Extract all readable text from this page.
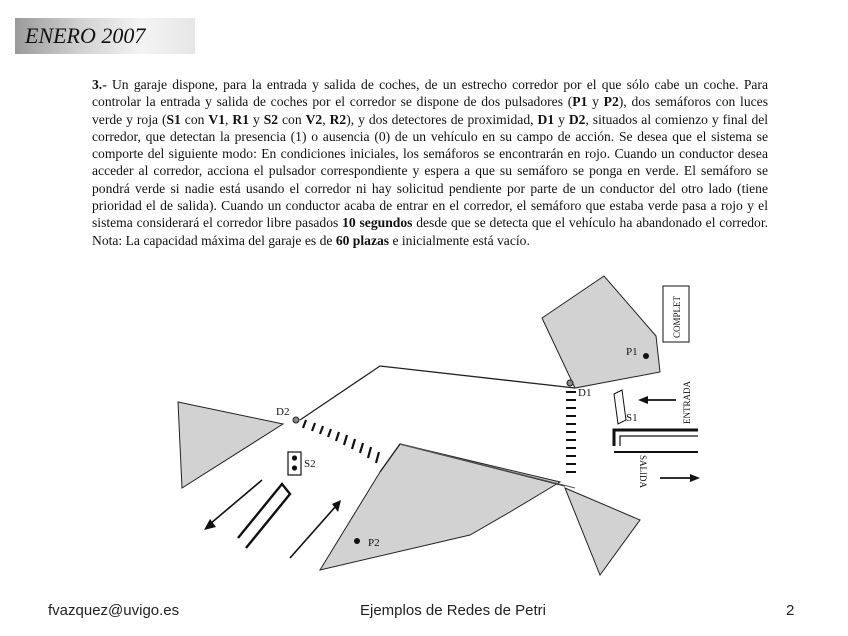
ENERO 2007
3.- Un garaje dispone, para la entrada y salida de coches, de un estrecho corredor por el que sólo cabe un coche. Para controlar la entrada y salida de coches por el corredor se dispone de dos pulsadores (P1 y P2), dos semáforos con luces verde y roja (S1 con V1, R1 y S2 con V2, R2), y dos detectores de proximidad, D1 y D2, situados al comienzo y final del corredor, que detectan la presencia (1) o ausencia (0) de un vehículo en su campo de acción. Se desea que el sistema se comporte del siguiente modo: En condiciones iniciales, los semáforos se encontrarán en rojo. Cuando un conductor desea acceder al corredor, acciona el pulsador correspondiente y espera a que su semáforo se ponga en verde. El semáforo se pondrá verde si nadie está usando el corredor ni hay solicitud pendiente por parte de un conductor del otro lado (tiene prioridad el de salida). Cuando un conductor acaba de entrar en el corredor, el semáforo que estaba verde pasa a rojo y el sistema considerará el corredor libre pasados 10 segundos desde que se detecta que el vehículo ha abandonado el corredor. Nota: La capacidad máxima del garaje es de 60 plazas e inicialmente está vacío.
D1
D2
P1
P2
COMPLET
S1
S2
ENTRADA
SALIDA
fvazquez@uvigo.es	Ejemplos de Redes de Petri	2
